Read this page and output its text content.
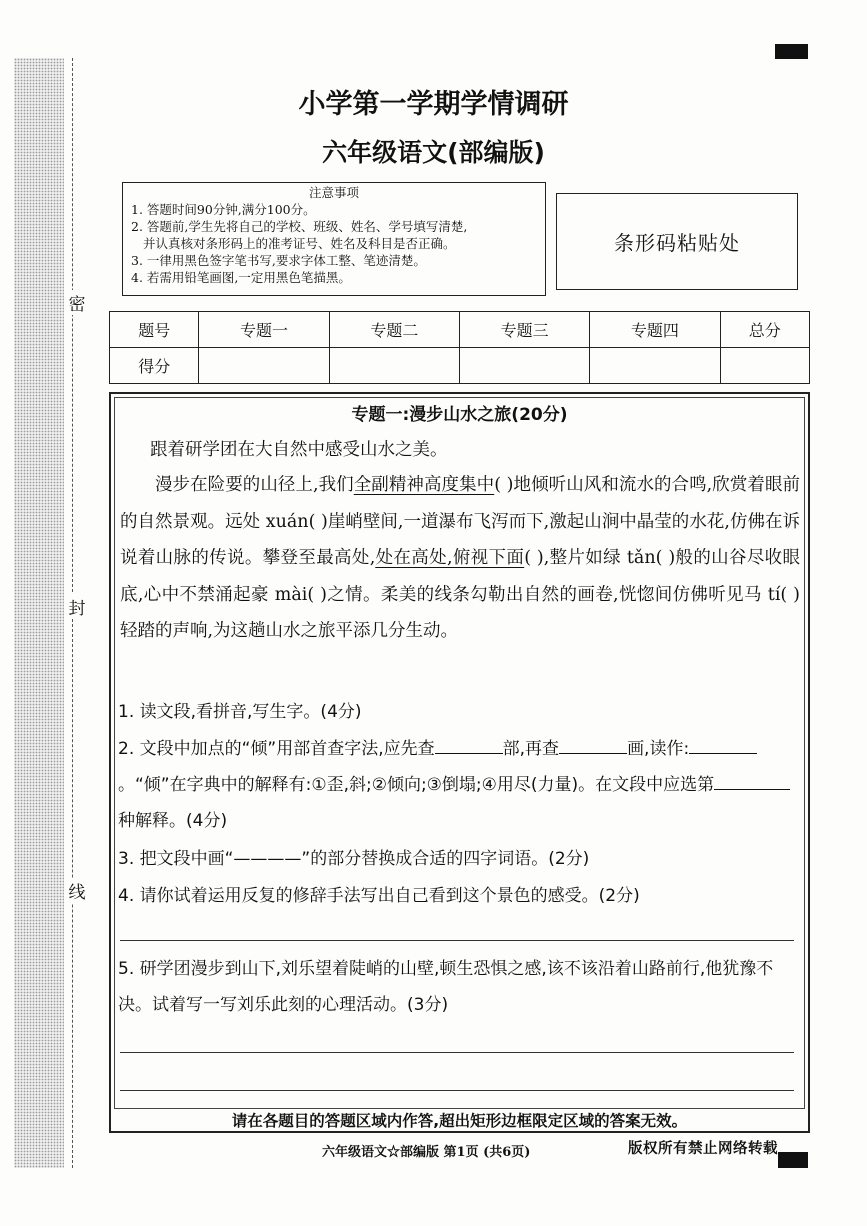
密
封
线
小学第一学期学情调研
六年级语文(部编版)
注意事项
1. 答题时间90分钟,满分100分。
2. 答题前,学生先将自己的学校、班级、姓名、学号填写清楚,
并认真核对条形码上的准考证号、姓名及科目是否正确。
3. 一律用黑色签字笔书写,要求字体工整、笔迹清楚。
4. 若需用铅笔画图,一定用黑色笔描黑。
条形码粘贴处
题号	专题一	专题二	专题三	专题四	总分
得分					
专题一:漫步山水之旅(20分)
跟着研学团在大自然中感受山水之美。
漫步在险要的山径上,我们全副精神高度集中( )地倾听山风和流水的合鸣,欣赏着眼前的自然景观。远处 xuán( )崖峭壁间,一道瀑布飞泻而下,激起山涧中晶莹的水花,仿佛在诉说着山脉的传说。攀登至最高处,处在高处,俯视下面( ),整片如绿 tǎn( )般的山谷尽收眼底,心中不禁涌起豪 mài( )之情。柔美的线条勾勒出自然的画卷,恍惚间仿佛听见马 tí( )轻踏的声响,为这趟山水之旅平添几分生动。
1. 读文段,看拼音,写生字。(4分)
2. 文段中加点的“倾”用部首查字法,应先查	部,再查	画,读作:。“倾”在字典中的解释有:①歪,斜;②倾向;③倒塌;④用尽(力量)。在文段中应选第种解释。(4分)
3. 把文段中画“————”的部分替换成合适的四字词语。(2分)
4. 请你试着运用反复的修辞手法写出自己看到这个景色的感受。(2分)
5. 研学团漫步到山下,刘乐望着陡峭的山壁,顿生恐惧之感,该不该沿着山路前行,他犹豫不决。试着写一写刘乐此刻的心理活动。(3分)
请在各题目的答题区域内作答,超出矩形边框限定区域的答案无效。
六年级语文☆部编版 第1页 (共6页)	版权所有禁止网络转载
